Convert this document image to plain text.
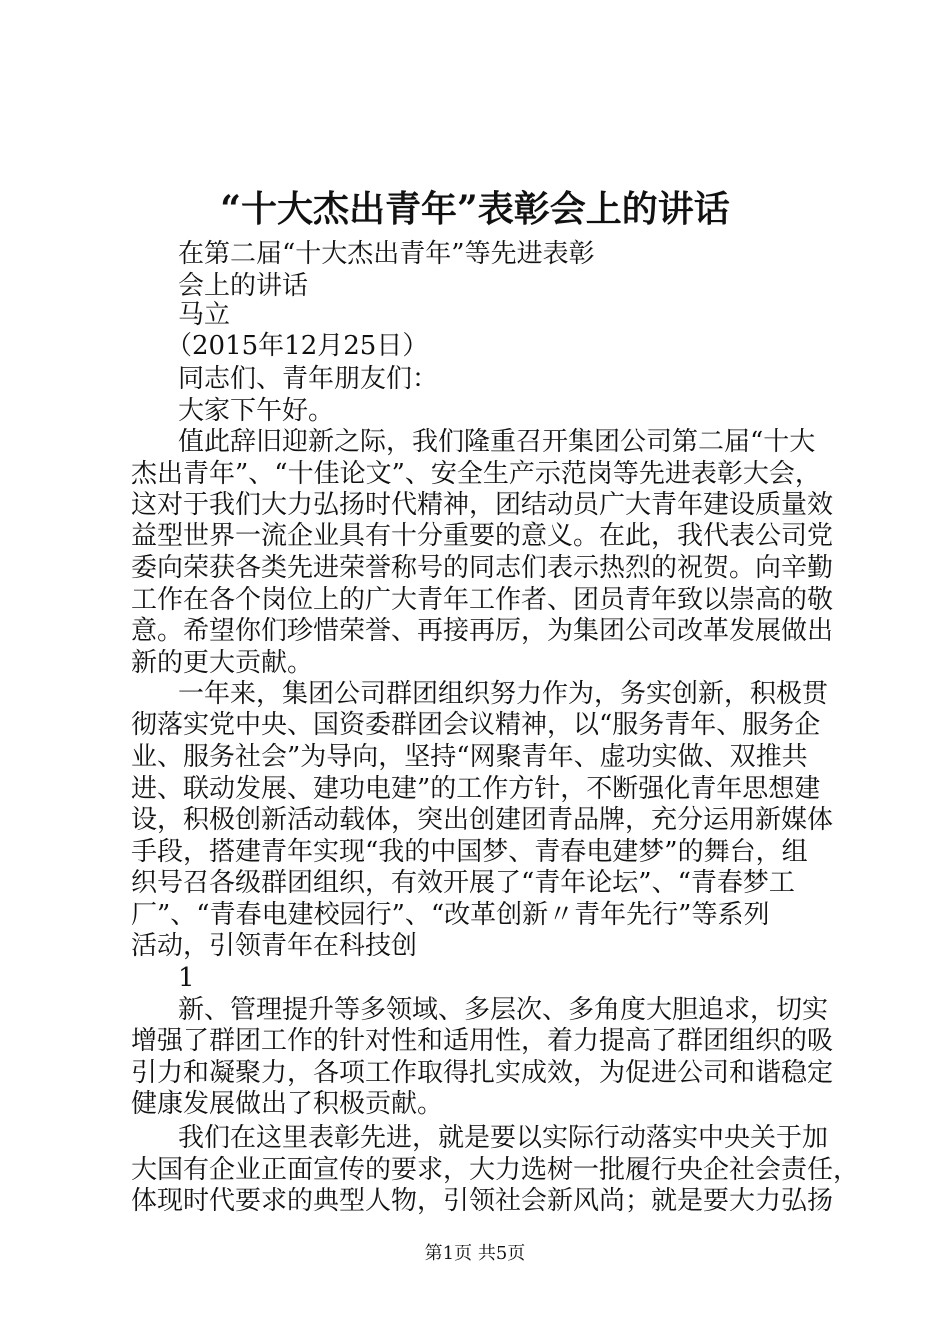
“十大杰出青年”表彰会上的讲话
在第二届“十大杰出青年”等先进表彰
会上的讲话
马立
（2015年12月25日）
同志们、青年朋友们：
大家下午好。
值此辞旧迎新之际，我们隆重召开集团公司第二届“十大
杰出青年”、“十佳论文”、安全生产示范岗等先进表彰大会，
这对于我们大力弘扬时代精神，团结动员广大青年建设质量效
益型世界一流企业具有十分重要的意义。在此，我代表公司党
委向荣获各类先进荣誉称号的同志们表示热烈的祝贺。向辛勤
工作在各个岗位上的广大青年工作者、团员青年致以崇高的敬
意。希望你们珍惜荣誉、再接再厉，为集团公司改革发展做出
新的更大贡献。
一年来，集团公司群团组织努力作为，务实创新，积极贯
彻落实党中央、国资委群团会议精神，以“服务青年、服务企
业、服务社会”为导向，坚持“网聚青年、虚功实做、双推共
进、联动发展、建功电建”的工作方针，不断强化青年思想建
设，积极创新活动载体，突出创建团青品牌，充分运用新媒体
手段，搭建青年实现“我的中国梦、青春电建梦”的舞台，组
织号召各级群团组织，有效开展了“青年论坛”、“青春梦工
厂”、“青春电建校园行”、“改革创新〃青年先行”等系列
活动，引领青年在科技创
1
新、管理提升等多领域、多层次、多角度大胆追求，切实
增强了群团工作的针对性和适用性，着力提高了群团组织的吸
引力和凝聚力，各项工作取得扎实成效，为促进公司和谐稳定
健康发展做出了积极贡献。
我们在这里表彰先进，就是要以实际行动落实中央关于加
大国有企业正面宣传的要求，大力选树一批履行央企社会责任，
体现时代要求的典型人物，引领社会新风尚；就是要大力弘扬
第1页 共5页
